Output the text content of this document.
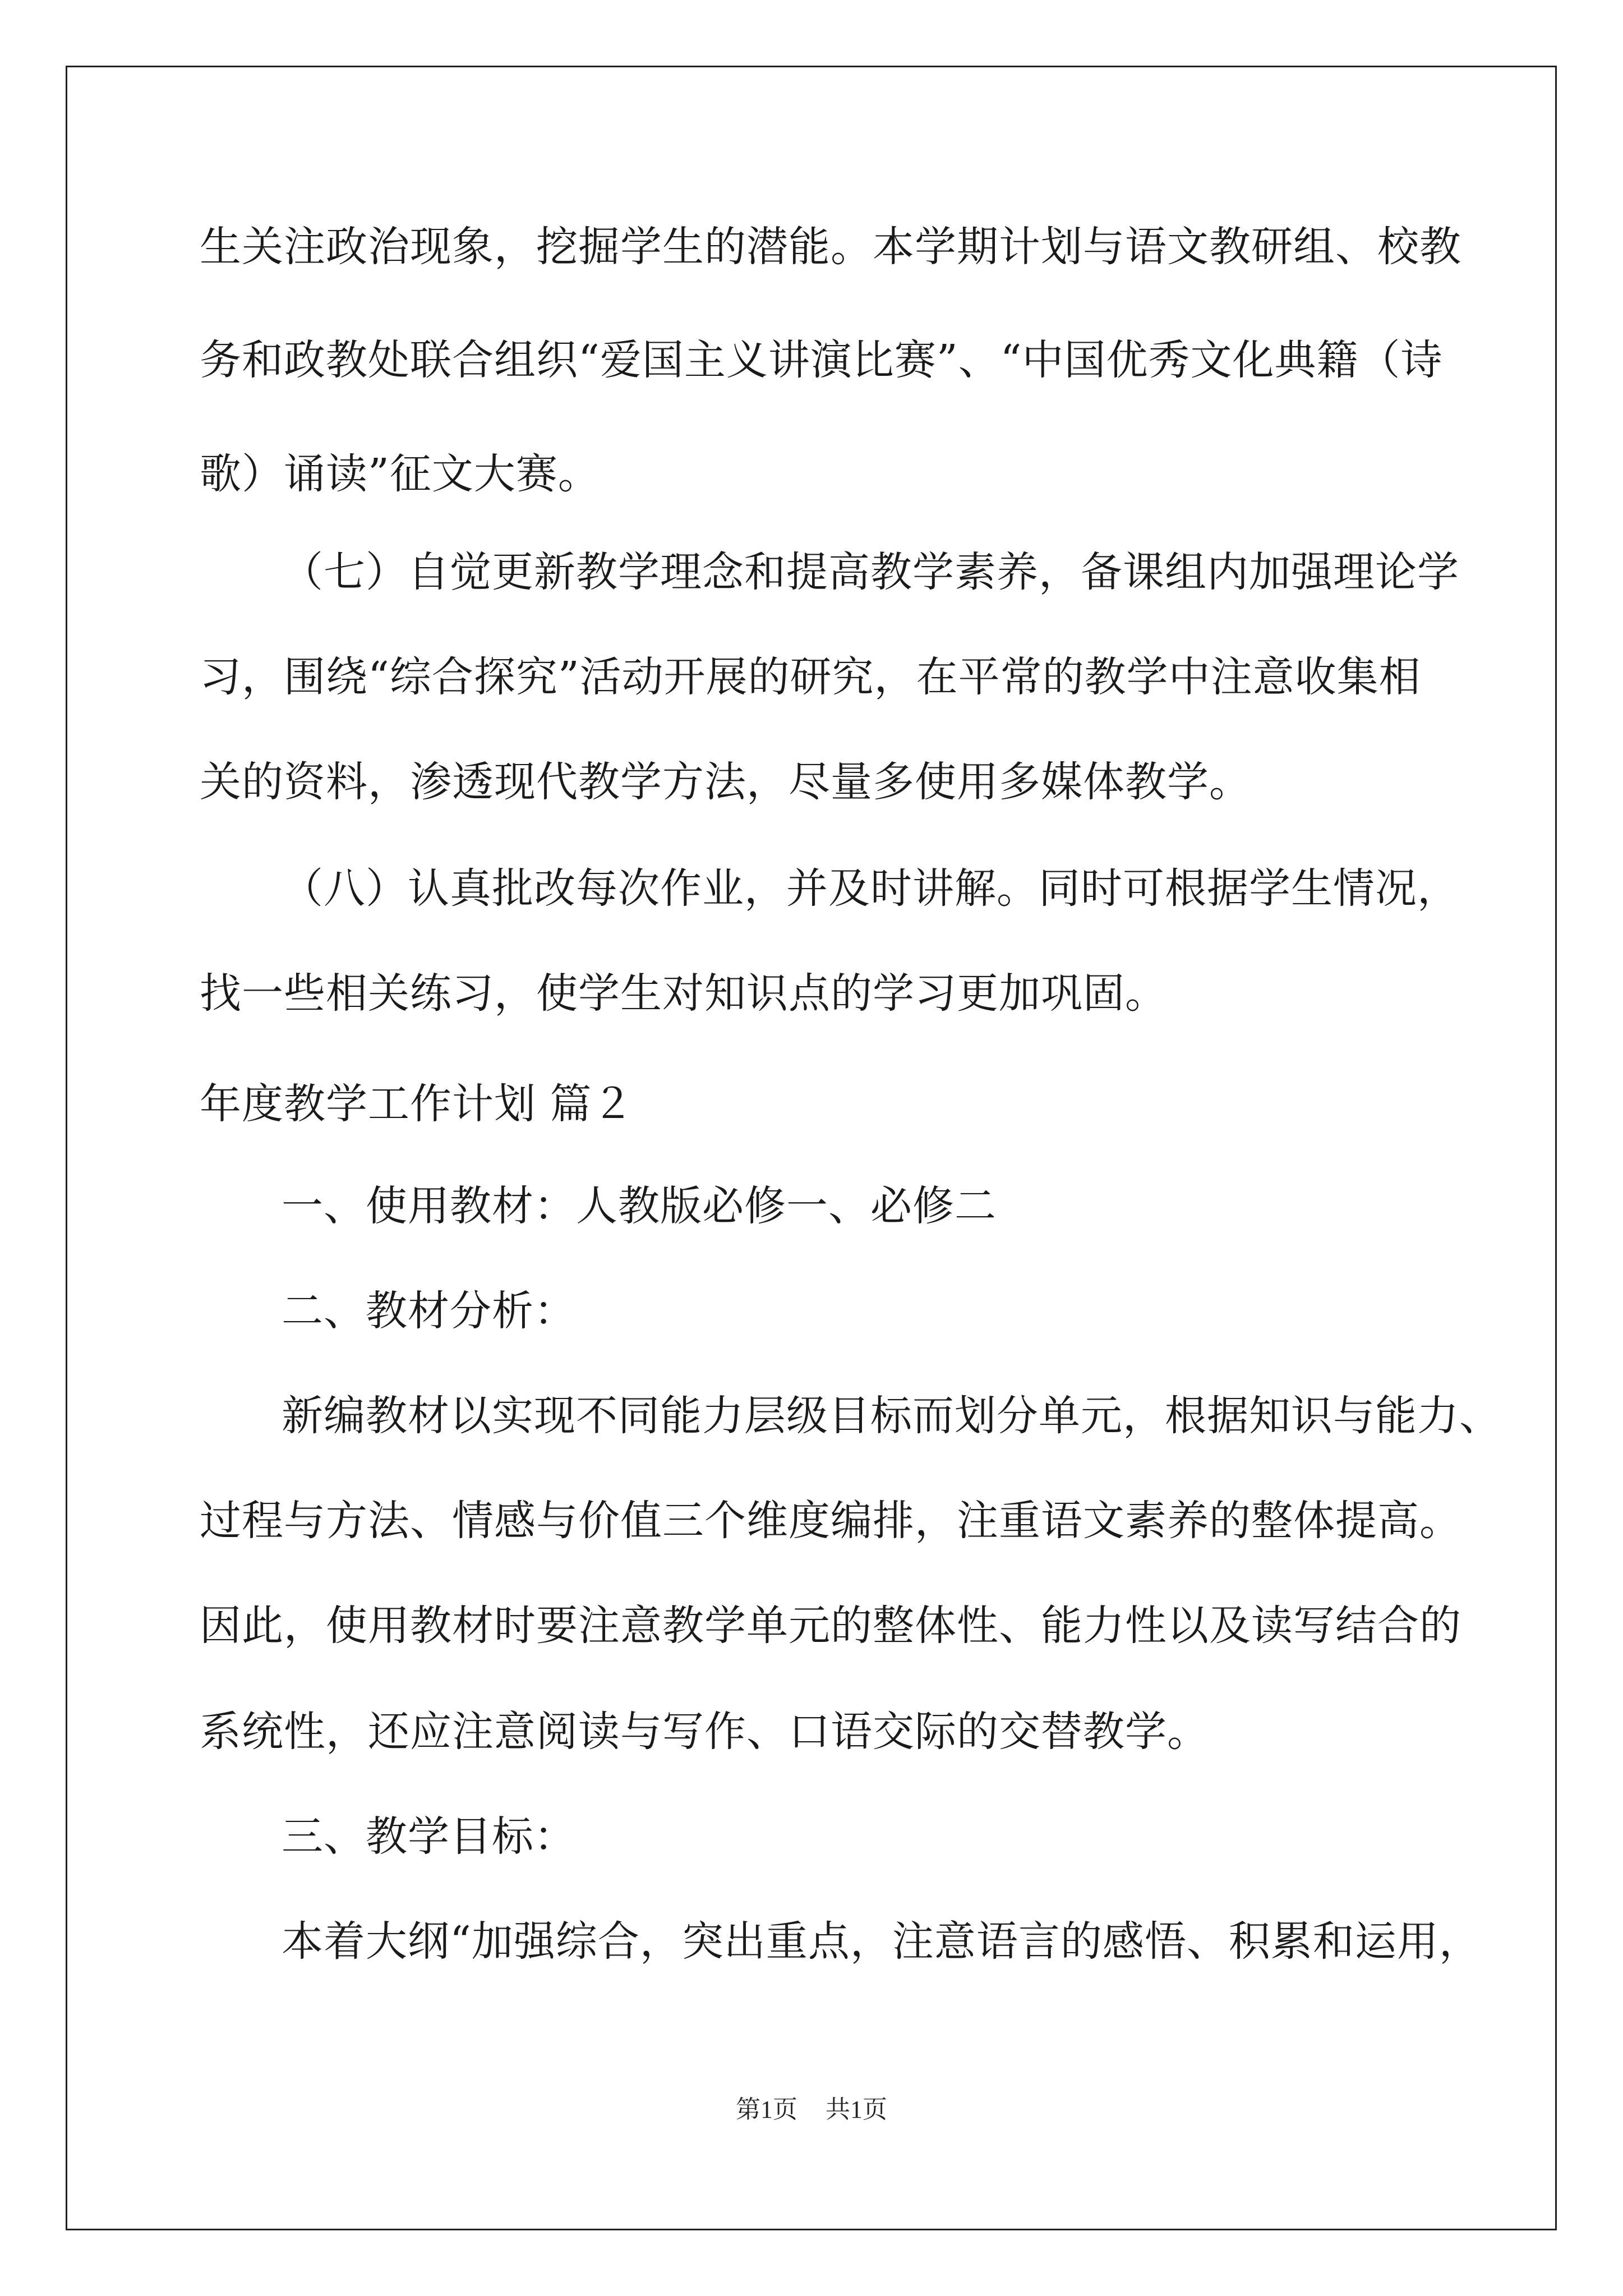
生关注政治现象，挖掘学生的潜能。本学期计划与语文教研组、校教
务和政教处联合组织“爱国主义讲演比赛”、“中国优秀文化典籍（诗
歌）诵读”征文大赛。
（七）自觉更新教学理念和提高教学素养，备课组内加强理论学
习，围绕“综合探究”活动开展的研究，在平常的教学中注意收集相
关的资料，渗透现代教学方法，尽量多使用多媒体教学。
（八）认真批改每次作业，并及时讲解。同时可根据学生情况，
找一些相关练习，使学生对知识点的学习更加巩固。
年度教学工作计划 篇２
一、使用教材：人教版必修一、必修二
二、教材分析：
新编教材以实现不同能力层级目标而划分单元，根据知识与能力、
过程与方法、情感与价值三个维度编排，注重语文素养的整体提高。
因此，使用教材时要注意教学单元的整体性、能力性以及读写结合的
系统性，还应注意阅读与写作、口语交际的交替教学。
三、教学目标：
本着大纲“加强综合，突出重点，注意语言的感悟、积累和运用，
第1页 共1页
